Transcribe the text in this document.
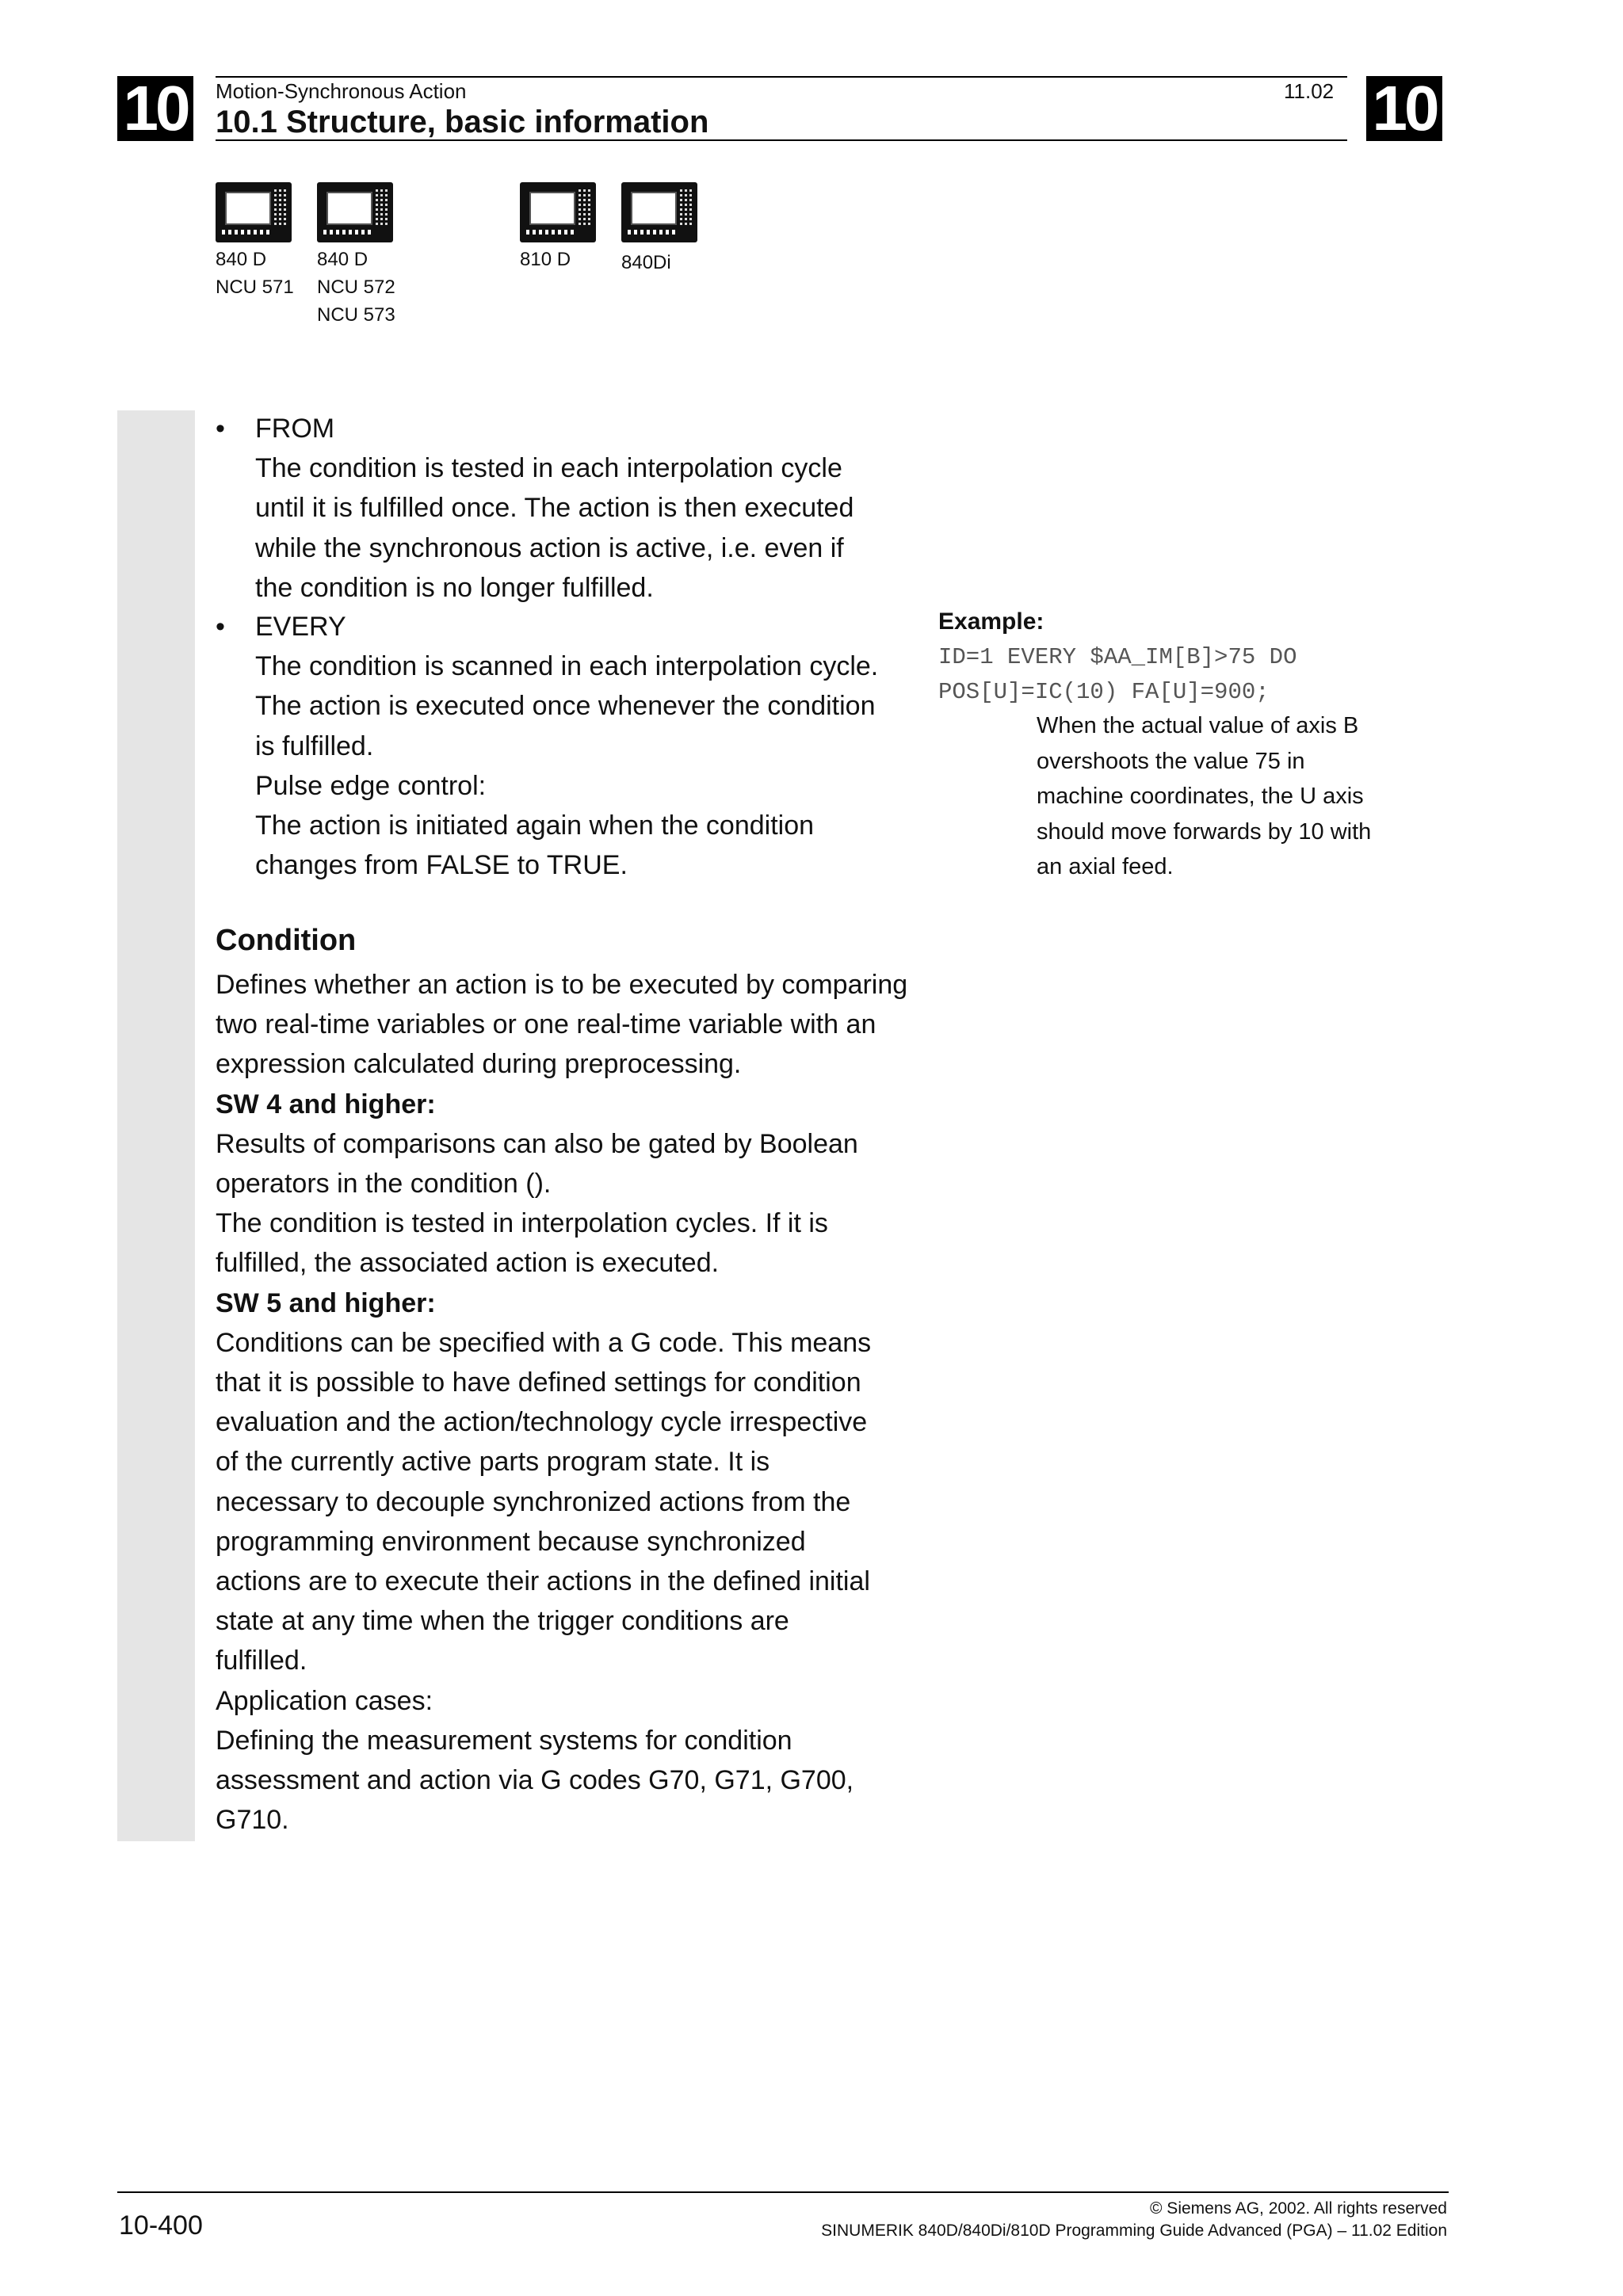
10	10
Motion-Synchronous Action	11.02
10.1 Structure, basic information
840 D
NCU 571
840 D
NCU 572
NCU 573
810 D	840Di
• FROM
The condition is tested in each interpolation cycle
until it is fulfilled once. The action is then executed
while the synchronous action is active, i.e. even if
the condition is no longer fulfilled.
• EVERY
The condition is scanned in each interpolation cycle.
The action is executed once whenever the condition
is fulfilled.
Pulse edge control:
The action is initiated again when the condition
changes from FALSE to TRUE.
Example:
ID=1 EVERY $AA_IM[B]>75 DO
POS[U]=IC(10) FA[U]=900;
When the actual value of axis B
overshoots the value 75 in
machine coordinates, the U axis
should move forwards by 10 with
an axial feed.
Condition
Defines whether an action is to be executed by comparing
two real-time variables or one real-time variable with an
expression calculated during preprocessing.
SW 4 and higher:
Results of comparisons can also be gated by Boolean
operators in the condition ().
The condition is tested in interpolation cycles. If it is
fulfilled, the associated action is executed.
SW 5 and higher:
Conditions can be specified with a G code. This means
that it is possible to have defined settings for condition
evaluation and the action/technology cycle irrespective
of the currently active parts program state. It is
necessary to decouple synchronized actions from the
programming environment because synchronized
actions are to execute their actions in the defined initial
state at any time when the trigger conditions are
fulfilled.
Application cases:
Defining the measurement systems for condition
assessment and action via G codes G70, G71, G700,
G710.
10-400
© Siemens AG, 2002. All rights reserved
SINUMERIK 840D/840Di/810D Programming Guide Advanced (PGA) – 11.02 Edition
